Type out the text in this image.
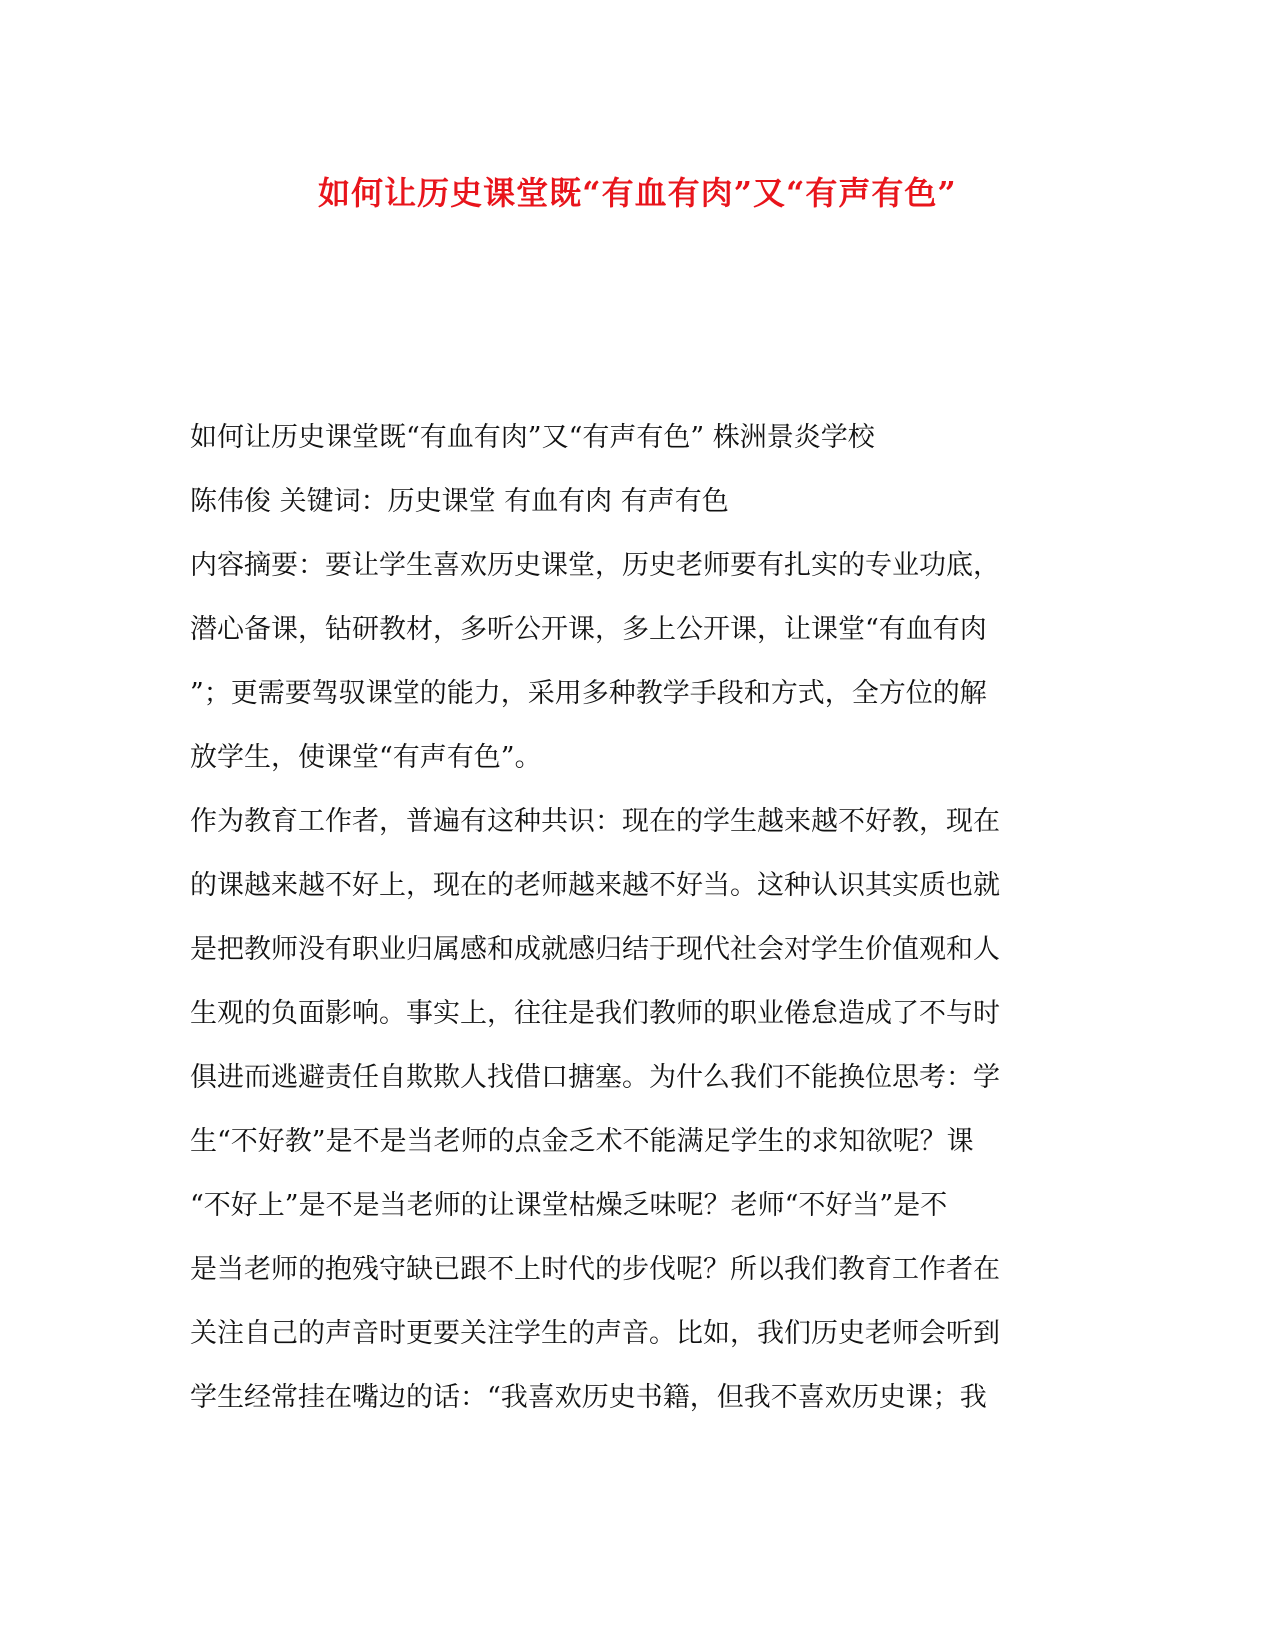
如何让历史课堂既“有血有肉”又“有声有色”
如何让历史课堂既“有血有肉”又“有声有色” 株洲景炎学校
陈伟俊 关键词：历史课堂 有血有肉 有声有色
内容摘要：要让学生喜欢历史课堂，历史老师要有扎实的专业功底，
潜心备课，钻研教材，多听公开课，多上公开课，让课堂“有血有肉
”；更需要驾驭课堂的能力，采用多种教学手段和方式，全方位的解
放学生，使课堂“有声有色”。
作为教育工作者，普遍有这种共识：现在的学生越来越不好教，现在
的课越来越不好上，现在的老师越来越不好当。这种认识其实质也就
是把教师没有职业归属感和成就感归结于现代社会对学生价值观和人
生观的负面影响。事实上，往往是我们教师的职业倦怠造成了不与时
俱进而逃避责任自欺欺人找借口搪塞。为什么我们不能换位思考：学
生“不好教”是不是当老师的点金乏术不能满足学生的求知欲呢？课
“不好上”是不是当老师的让课堂枯燥乏味呢？老师“不好当”是不
是当老师的抱残守缺已跟不上时代的步伐呢？所以我们教育工作者在
关注自己的声音时更要关注学生的声音。比如，我们历史老师会听到
学生经常挂在嘴边的话：“我喜欢历史书籍，但我不喜欢历史课；我
